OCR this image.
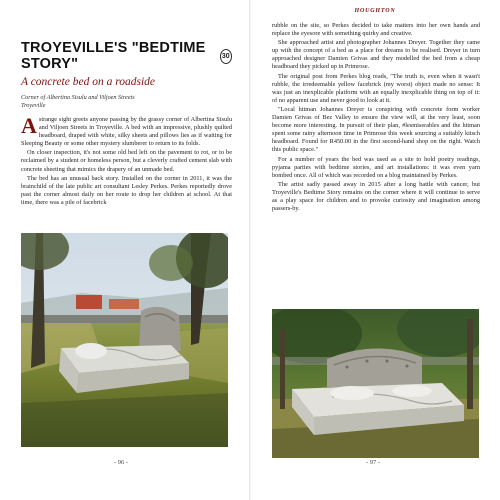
HOUGHTON
TROYEVILLE'S "BEDTIME STORY"	30
A concrete bed on a roadside
Corner of Albertina Sisulu and Viljoen Streets
Troyeville

Astrange sight greets anyone passing by the grassy corner of Albertina Sisulu and Viljoen Streets in Troyeville. A bed with an impressive, plushly quilted headboard, draped with white, silky sheets and pillows lies as if waiting for Sleeping Beauty or some other mystery slumberer to return to its folds.

On closer inspection, it's not some old bed left on the pavement to rot, or to be reclaimed by a student or homeless person, but a cleverly crafted cement slab with concrete sheeting that mimics the drapery of an unmade bed.

The bed has an unusual back story. Installed on the corner in 2011, it was the brainchild of the late public art consultant Lesley Perkes. Perkes reportedly drove past the corner almost daily on her route to drop her children at school. At that time, there was a pile of facebrick

- 96 -

rubble on the site, so Perkes decided to take matters into her own hands and replace the eyesore with something quirky and creative.

She approached artist and photographer Johannes Dreyer. Together they came up with the concept of a bed as a place for dreams to be realised. Dreyer in turn approached designer Damien Grivas and they modelled the bed from a cheap headboard they picked up in Primrose.

The original post from Perkes blog reads, "The truth is, even when it wasn't rubble, the irredeemable yellow facebrick (my worst) object made no sense: It was just an inexplicable platform with an equally inexplicable thing on top of it: of no apparent use and never good to look at it.

"Local hitman Johannes Dreyer is conspiring with concrete form worker Damien Grivas of Bez Valley to ensure the view will, at the very least, soon become more interesting. In pursuit of their plan, #lesmiserables and the hitman spent some rainy afternoon time in Primrose this week sourcing a suitably kitsch headboard. Found for R450.00 in the first second-hand shop on the right. Watch this public space."

For a number of years the bed was used as a site to hold poetry readings, pyjama parties with bedtime stories, and art installations: it was even yarn bombed once. All of which was recorded on a blog maintained by Perkes.

The artist sadly passed away in 2015 after a long battle with cancer, but Troyeville's Bedtime Story remains on the corner where it will continue to serve as a play space for children and to provoke curiosity and imagination among passers-by.

- 97 -
